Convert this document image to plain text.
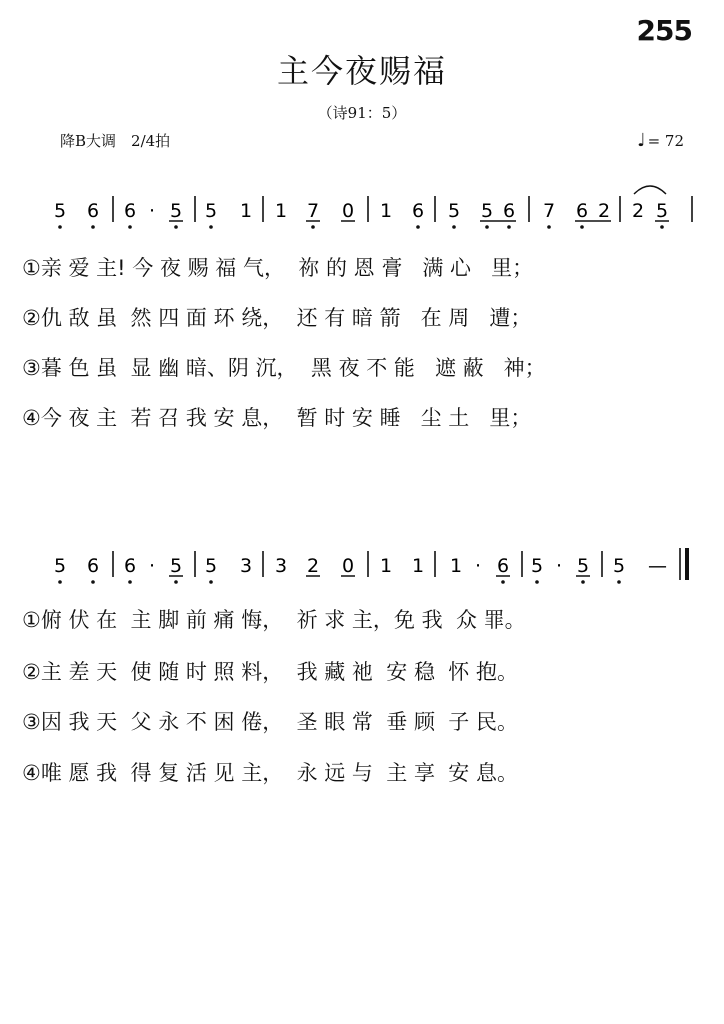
255
主今夜赐福
（诗91：5）
降B大调　2/4拍	♩ = 72
5 6 6 · 5 5 1 1 7 0 1 6 5 5 6 7 6 2 2 5
5 6 6 · 5 5 3 3 2 0 1 1 1 · 6 5 · 5 5 —
①亲 爱 主! 今 夜 赐 福 气，  祢 的 恩 膏   满 心   里；
②仇 敌 虽  然 四 面 环 绕，  还 有 暗 箭   在 周   遭；
③暮 色 虽  显 幽 暗、阴 沉，  黑 夜 不 能   遮 蔽   神；
④今 夜 主  若 召 我 安 息，  暂 时 安 睡   尘 土   里；
①俯 伏 在  主 脚 前 痛 悔，  祈 求 主，免 我  众 罪。
②主 差 天  使 随 时 照 料，  我 藏 祂  安 稳  怀 抱。
③因 我 天  父 永 不 困 倦，  圣 眼 常  垂 顾  子 民。
④唯 愿 我  得 复 活 见 主，  永 远 与  主 享  安 息。
